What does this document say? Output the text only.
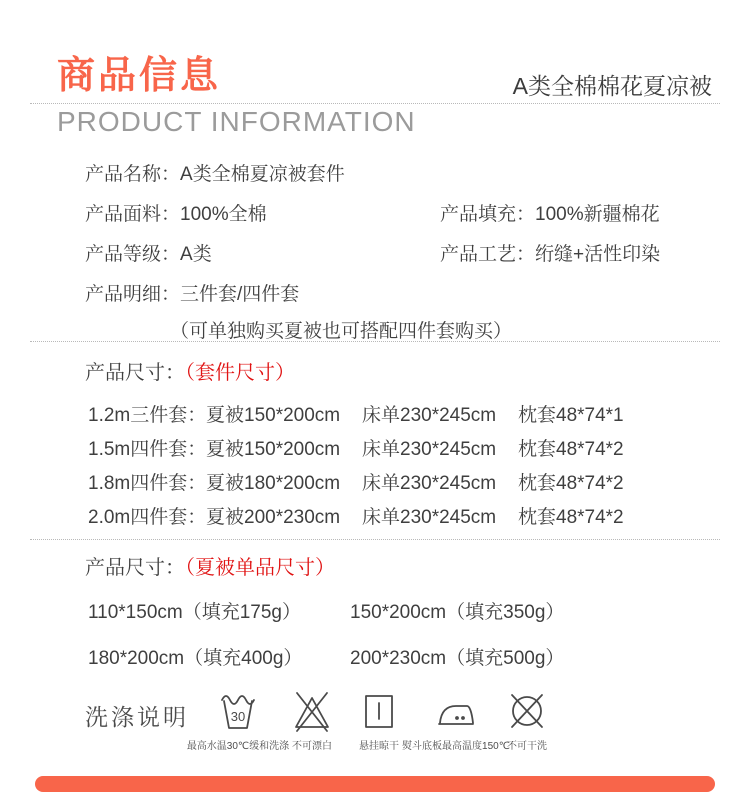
商品信息	A类全棉棉花夏凉被
PRODUCT INFORMATION
产品名称：A类全棉夏凉被套件
产品面料：100%全棉	产品填充：100%新疆棉花
产品等级：A类	产品工艺：绗缝+活性印染
产品明细：三件套/四件套
（可单独购买夏被也可搭配四件套购买）
产品尺寸：（套件尺寸）
1.2m三件套： 夏被150*200cm	床单230*245cm	枕套48*74*1
1.5m四件套： 夏被150*200cm	床单230*245cm	枕套48*74*2
1.8m四件套： 夏被180*200cm	床单230*245cm	枕套48*74*2
2.0m四件套： 夏被200*230cm	床单230*245cm	枕套48*74*2
产品尺寸：（夏被单品尺寸）
110*150cm（填充175g）	150*200cm（填充350g）
180*200cm（填充400g）	200*230cm（填充500g）
洗涤说明	30
最高水温30℃缓和洗涤 不可漂白	悬挂晾干 熨斗底板最高温度150℃
不可干洗
